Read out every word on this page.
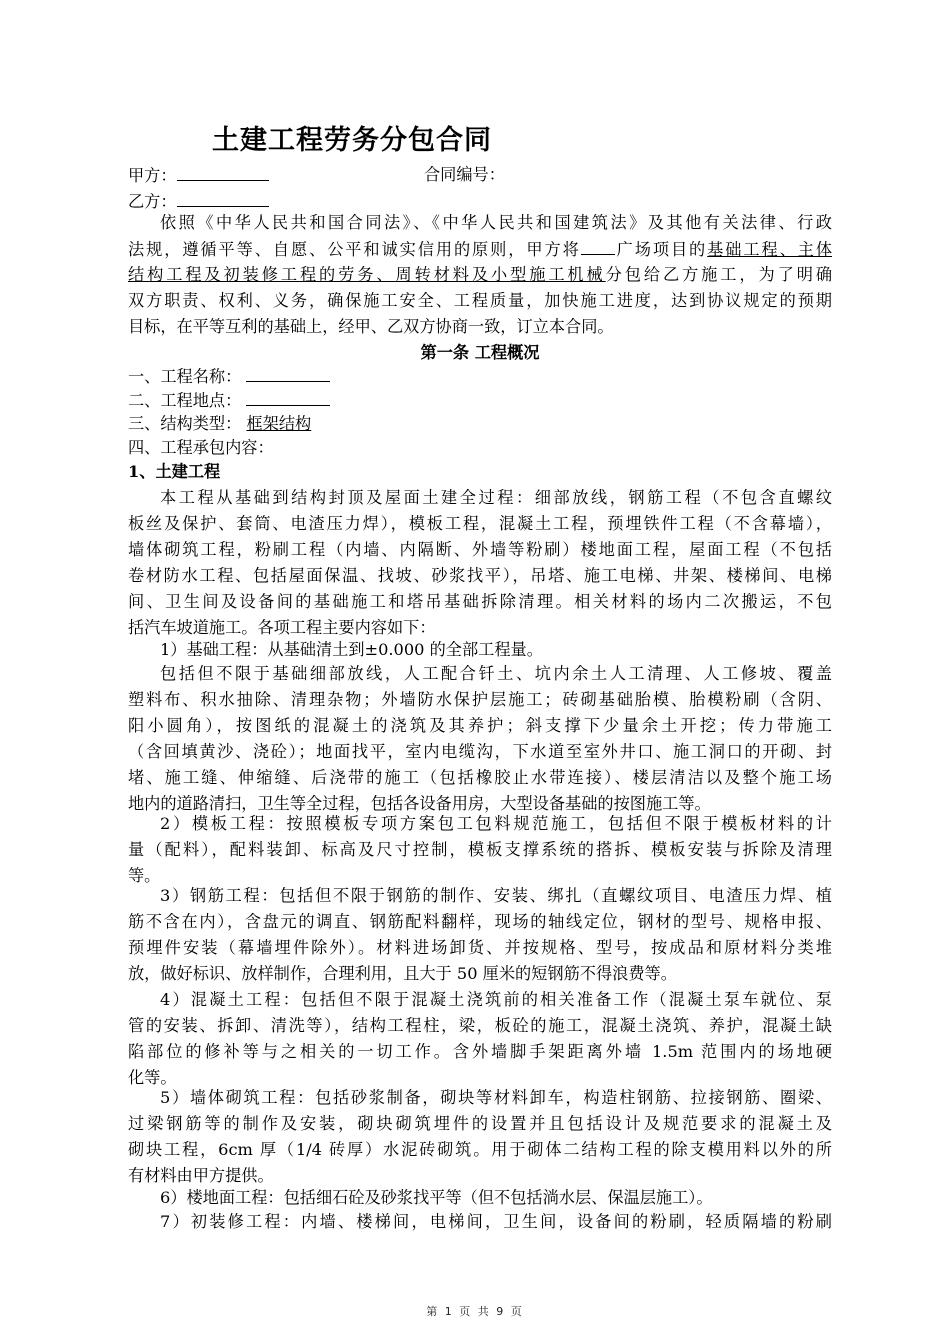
土建工程劳务分包合同
甲方：	合同编号：
乙方：
依照《中华人民共和国合同法》、《中华人民共和国建筑法》及其他有关法律、行政
法规，遵循平等、自愿、公平和诚实信用的原则，甲方将 广场项目的基础工程、主体
结构工程及初装修工程的劳务、周转材料及小型施工机械分包给乙方施工，为了明确
双方职责、权利、义务，确保施工安全、工程质量，加快施工进度，达到协议规定的预期
目标，在平等互利的基础上，经甲、乙双方协商一致，订立本合同。
第一条 工程概况
一、工程名称：
二、工程地点：
三、结构类型： 框架结构
四、工程承包内容：
1、土建工程
本工程从基础到结构封顶及屋面土建全过程：细部放线，钢筋工程（不包含直螺纹
板丝及保护、套筒、电渣压力焊），模板工程，混凝土工程，预埋铁件工程（不含幕墙），
墙体砌筑工程，粉刷工程（内墙、内隔断、外墙等粉刷）楼地面工程，屋面工程（不包括
卷材防水工程、包括屋面保温、找坡、砂浆找平），吊塔、施工电梯、井架、楼梯间、电梯
间、卫生间及设备间的基础施工和塔吊基础拆除清理。相关材料的场内二次搬运，不包
括汽车坡道施工。各项工程主要内容如下：
1）基础工程：从基础清土到±0.000 的全部工程量。
包括但不限于基础细部放线，人工配合钎土、坑内余土人工清理、人工修坡、覆盖
塑料布、积水抽除、清理杂物；外墙防水保护层施工；砖砌基础胎模、胎模粉刷（含阴、
阳小圆角），按图纸的混凝土的浇筑及其养护；斜支撑下少量余土开挖；传力带施工
（含回填黄沙、浇砼）；地面找平，室内电缆沟，下水道至室外井口、施工洞口的开砌、封
堵、施工缝、伸缩缝、后浇带的施工（包括橡胶止水带连接）、楼层清洁以及整个施工场
地内的道路清扫，卫生等全过程，包括各设备用房，大型设备基础的按图施工等。
2）模板工程：按照模板专项方案包工包料规范施工，包括但不限于模板材料的计
量（配料），配料装卸、标高及尺寸控制，模板支撑系统的搭拆、模板安装与拆除及清理
等。
3）钢筋工程：包括但不限于钢筋的制作、安装、绑扎（直螺纹项目、电渣压力焊、植
筋不含在内），含盘元的调直、钢筋配料翻样，现场的轴线定位，钢材的型号、规格申报、
预埋件安装（幕墙埋件除外）。材料进场卸货、并按规格、型号，按成品和原材料分类堆
放，做好标识、放样制作，合理利用，且大于 50 厘米的短钢筋不得浪费等。
4）混凝土工程：包括但不限于混凝土浇筑前的相关准备工作（混凝土泵车就位、泵
管的安装、拆卸、清洗等），结构工程柱，梁，板砼的施工，混凝土浇筑、养护，混凝土缺
陷部位的修补等与之相关的一切工作。含外墙脚手架距离外墙 1.5m 范围内的场地硬
化等。
5）墙体砌筑工程：包括砂浆制备，砌块等材料卸车，构造柱钢筋、拉接钢筋、圈梁、
过梁钢筋等的制作及安装，砌块砌筑埋件的设置并且包括设计及规范要求的混凝土及
砌块工程，6cm 厚（1/4 砖厚）水泥砖砌筑。用于砌体二结构工程的除支模用料以外的所
有材料由甲方提供。
6）楼地面工程：包括细石砼及砂浆找平等（但不包括淌水层、保温层施工）。
7）初装修工程：内墙、楼梯间，电梯间，卫生间，设备间的粉刷，轻质隔墙的粉刷
第 1 页 共 9 页
